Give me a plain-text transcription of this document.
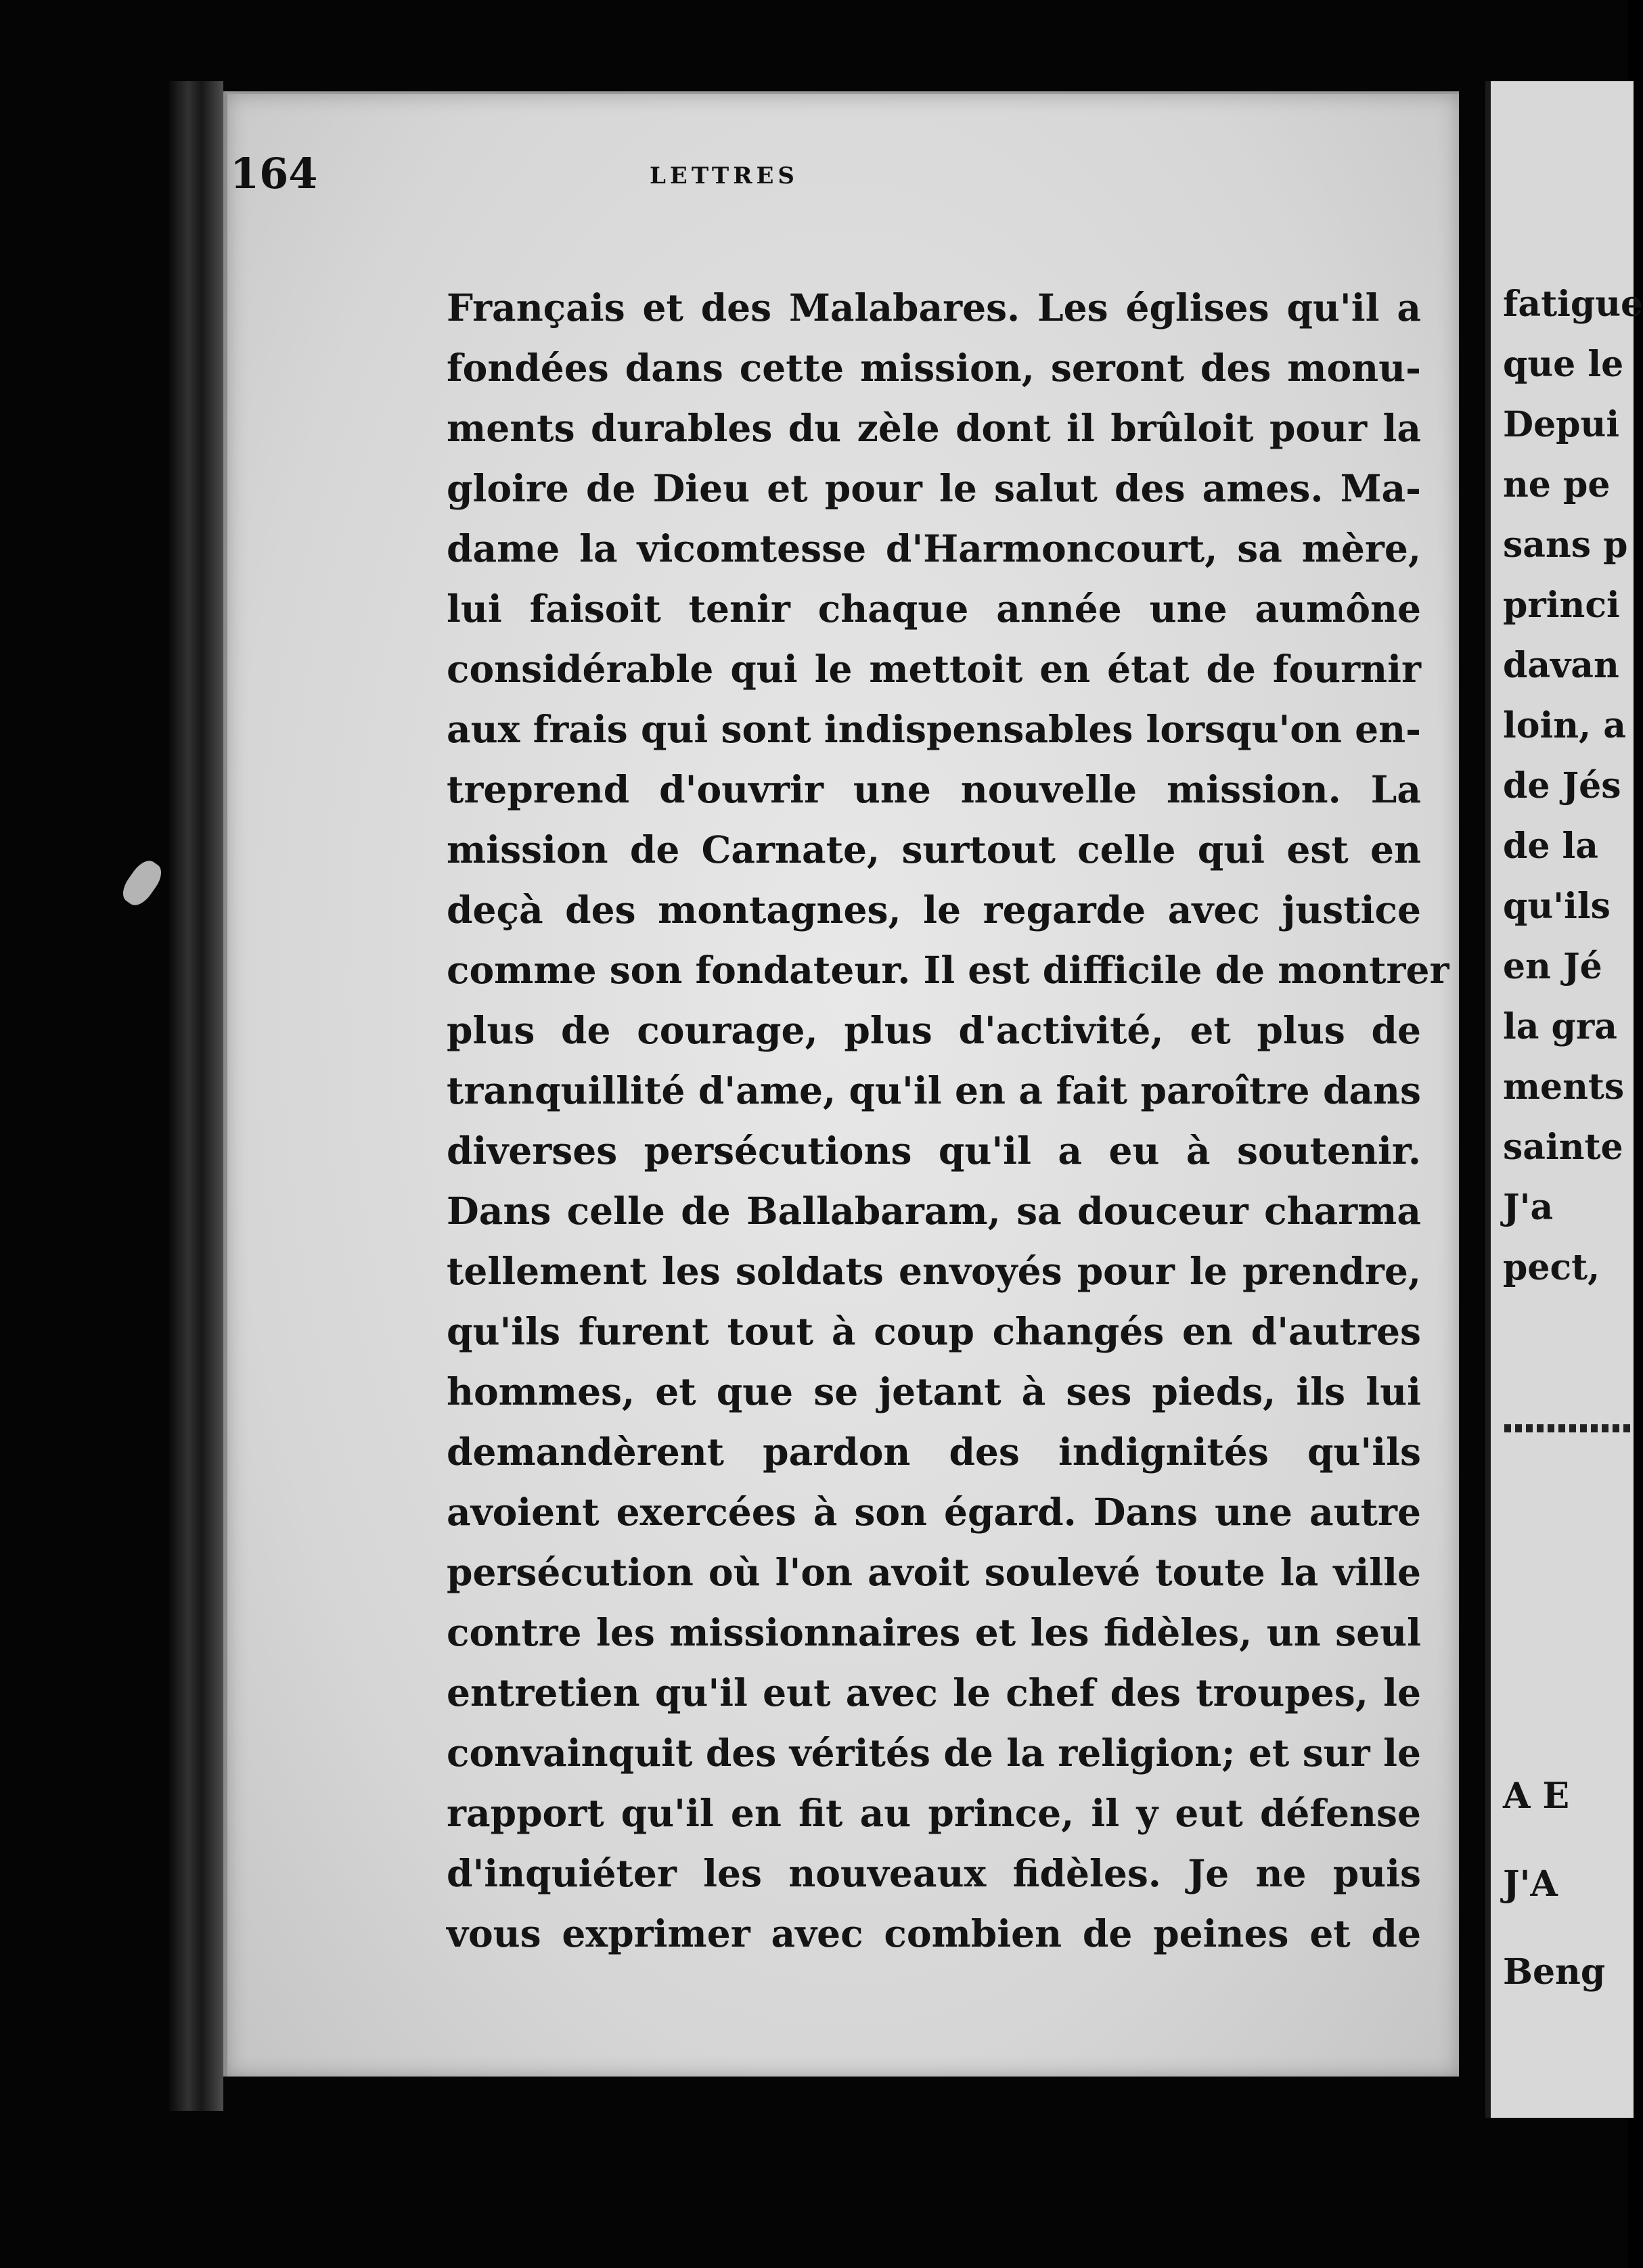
164	LETTRES
Français et des Malabares. Les églises qu'il a
fondées dans cette mission, seront des monu-
ments durables du zèle dont il brûloit pour la
gloire de Dieu et pour le salut des ames. Ma-
dame la vicomtesse d'Harmoncourt, sa mère,
lui faisoit tenir chaque année une aumône
considérable qui le mettoit en état de fournir
aux frais qui sont indispensables lorsqu'on en-
treprend d'ouvrir une nouvelle mission. La
mission de Carnate, surtout celle qui est en
deçà des montagnes, le regarde avec justice
comme son fondateur. Il est difficile de montrer
plus de courage, plus d'activité, et plus de
tranquillité d'ame, qu'il en a fait paroître dans
diverses persécutions qu'il a eu à soutenir.
Dans celle de Ballabaram, sa douceur charma
tellement les soldats envoyés pour le prendre,
qu'ils furent tout à coup changés en d'autres
hommes, et que se jetant à ses pieds, ils lui
demandèrent pardon des indignités qu'ils
avoient exercées à son égard. Dans une autre
persécution où l'on avoit soulevé toute la ville
contre les missionnaires et les fidèles, un seul
entretien qu'il eut avec le chef des troupes, le
convainquit des vérités de la religion; et sur le
rapport qu'il en fit au prince, il y eut défense
d'inquiéter les nouveaux fidèles. Je ne puis
vous exprimer avec combien de peines et de
fatigue
que le
Depui
ne pe
sans p
princi
davan
loin, a
de Jés
de la
qu'ils
en Jé
la gra
ments
sainte
J'a
pect,
A E
J'A
Beng
